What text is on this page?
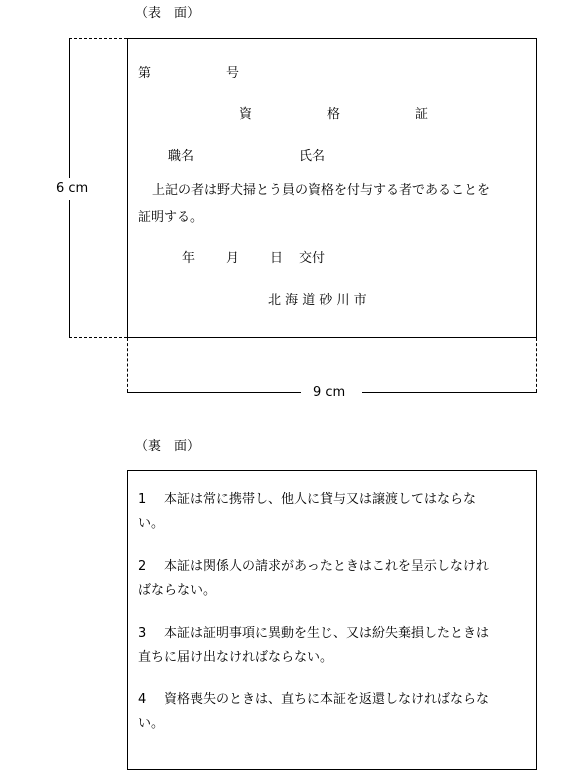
（表　面）
6 cm
第	号
資	格	証
職名	氏名
上記の者は野犬掃とう員の資格を付与する者であることを
証明する。
年 月 日 交付
北 海 道 砂 川 市
9 cm
（裏　面）
1 本証は常に携帯し、他人に貸与又は譲渡してはならな
い。
2 本証は関係人の請求があったときはこれを呈示しなけれ
ばならない。
3 本証は証明事項に異動を生じ、又は紛失棄損したときは
直ちに届け出なければならない。
4 資格喪失のときは、直ちに本証を返還しなければならな
い。
